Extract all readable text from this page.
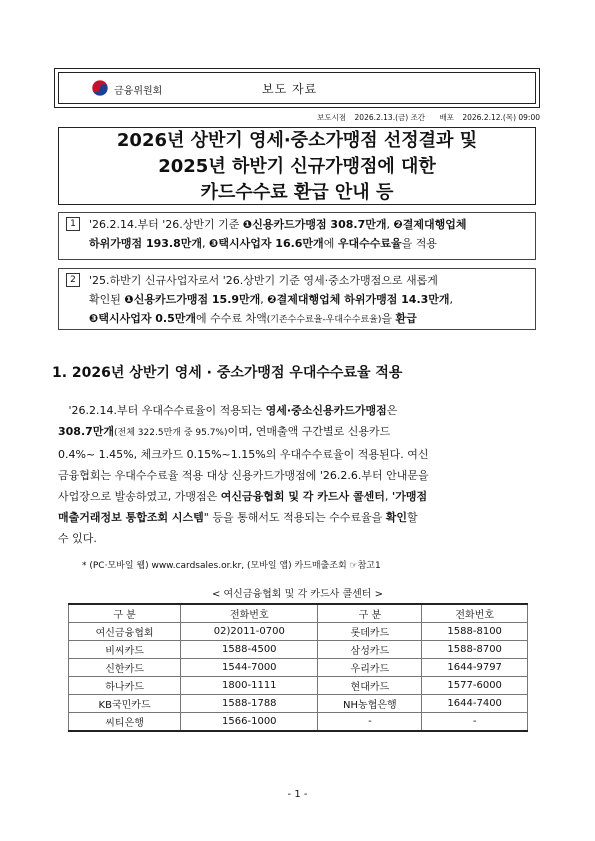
금융위원회	보도 자료
보도시점 2026.2.13.(금) 조간 배포 2026.2.12.(목) 09:00
2026년 상반기 영세·중소가맹점 선정결과 및
2025년 하반기 신규가맹점에 대한
카드수수료 환급 안내 등
1	'26.2.14.부터 '26.상반기 기준 ❶신용카드가맹점 308.7만개, ❷결제대행업체
하위가맹점 193.8만개, ❸택시사업자 16.6만개에 우대수수료율을 적용
2	'25.하반기 신규사업자로서 '26.상반기 기준 영세·중소가맹점으로 새롭게
확인된 ❶신용카드가맹점 15.9만개, ❷결제대행업체 하위가맹점 14.3만개,
❸택시사업자 0.5만개에 수수료 차액(기존수수료율-우대수수료율)을 환급
1. 2026년 상반기 영세 · 중소가맹점 우대수수료율 적용
'26.2.14.부터 우대수수료율이 적용되는 영세·중소신용카드가맹점은
308.7만개(전체 322.5만개 중 95.7%)이며, 연매출액 구간별로 신용카드
0.4%~ 1.45%, 체크카드 0.15%~1.15%의 우대수수료율이 적용된다. 여신
금융협회는 우대수수료율 적용 대상 신용카드가맹점에 '26.2.6.부터 안내문을
사업장으로 발송하였고, 가맹점은 여신금융협회 및 각 카드사 콜센터, '가맹점
매출거래정보 통합조회 시스템" 등을 통해서도 적용되는 수수료율을 확인할
수 있다.
* (PC·모바일 웹) www.cardsales.or.kr, (모바일 앱) 카드매출조회 ☞참고1
< 여신금융협회 및 각 카드사 콜센터 >
구 분	전화번호	구 분	전화번호
여신금융협회	02)2011-0700	롯데카드	1588-8100
비씨카드	1588-4500	삼성카드	1588-8700
신한카드	1544-7000	우리카드	1644-9797
하나카드	1800-1111	현대카드	1577-6000
KB국민카드	1588-1788	NH농협은행	1644-7400
씨티은행	1566-1000	-	-
- 1 -
